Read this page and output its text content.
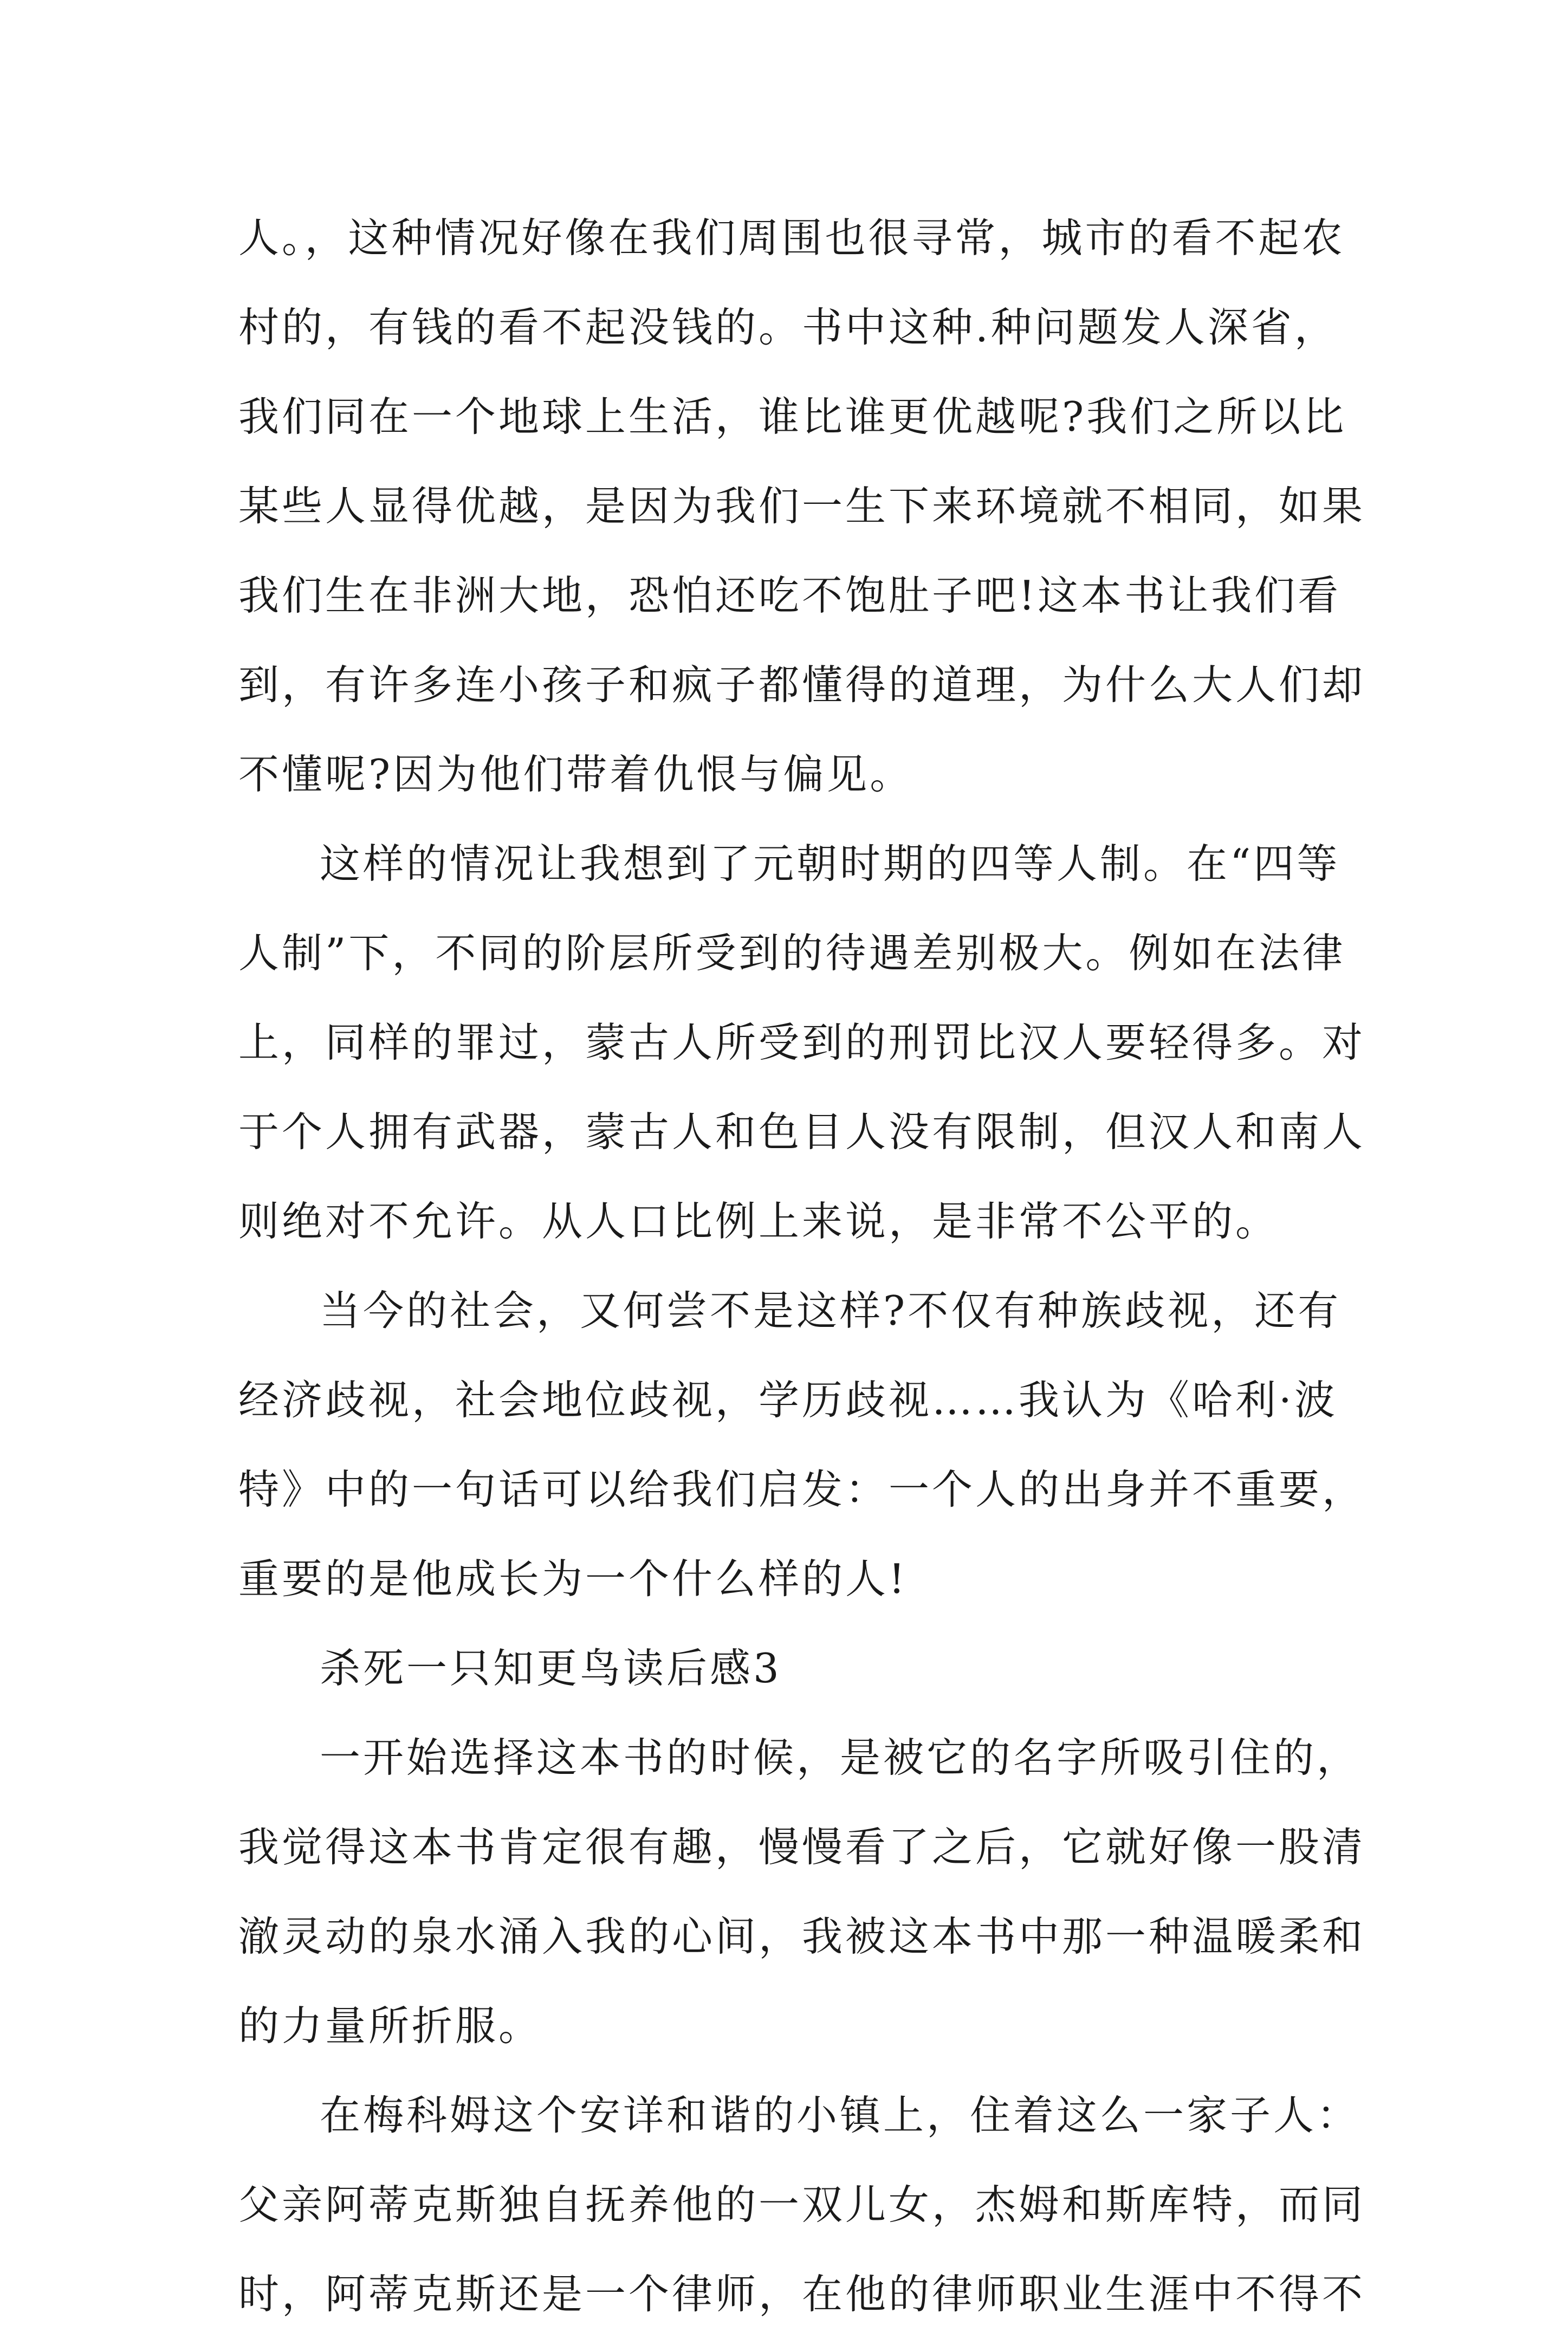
人。，这种情况好像在我们周围也很寻常，城市的看不起农
村的，有钱的看不起没钱的。书中这种.种问题发人深省，
我们同在一个地球上生活，谁比谁更优越呢?我们之所以比
某些人显得优越，是因为我们一生下来环境就不相同，如果
我们生在非洲大地，恐怕还吃不饱肚子吧!这本书让我们看
到，有许多连小孩子和疯子都懂得的道理，为什么大人们却
不懂呢?因为他们带着仇恨与偏见。
这样的情况让我想到了元朝时期的四等人制。在“四等
人制”下，不同的阶层所受到的待遇差别极大。例如在法律
上，同样的罪过，蒙古人所受到的刑罚比汉人要轻得多。对
于个人拥有武器，蒙古人和色目人没有限制，但汉人和南人
则绝对不允许。从人口比例上来说，是非常不公平的。
当今的社会，又何尝不是这样?不仅有种族歧视，还有
经济歧视，社会地位歧视，学历歧视……我认为《哈利·波
特》中的一句话可以给我们启发：一个人的出身并不重要，
重要的是他成长为一个什么样的人!
杀死一只知更鸟读后感3
一开始选择这本书的时候，是被它的名字所吸引住的，
我觉得这本书肯定很有趣，慢慢看了之后，它就好像一股清
澈灵动的泉水涌入我的心间，我被这本书中那一种温暖柔和
的力量所折服。
在梅科姆这个安详和谐的小镇上，住着这么一家子人：
父亲阿蒂克斯独自抚养他的一双儿女，杰姆和斯库特，而同
时，阿蒂克斯还是一个律师，在他的律师职业生涯中不得不
